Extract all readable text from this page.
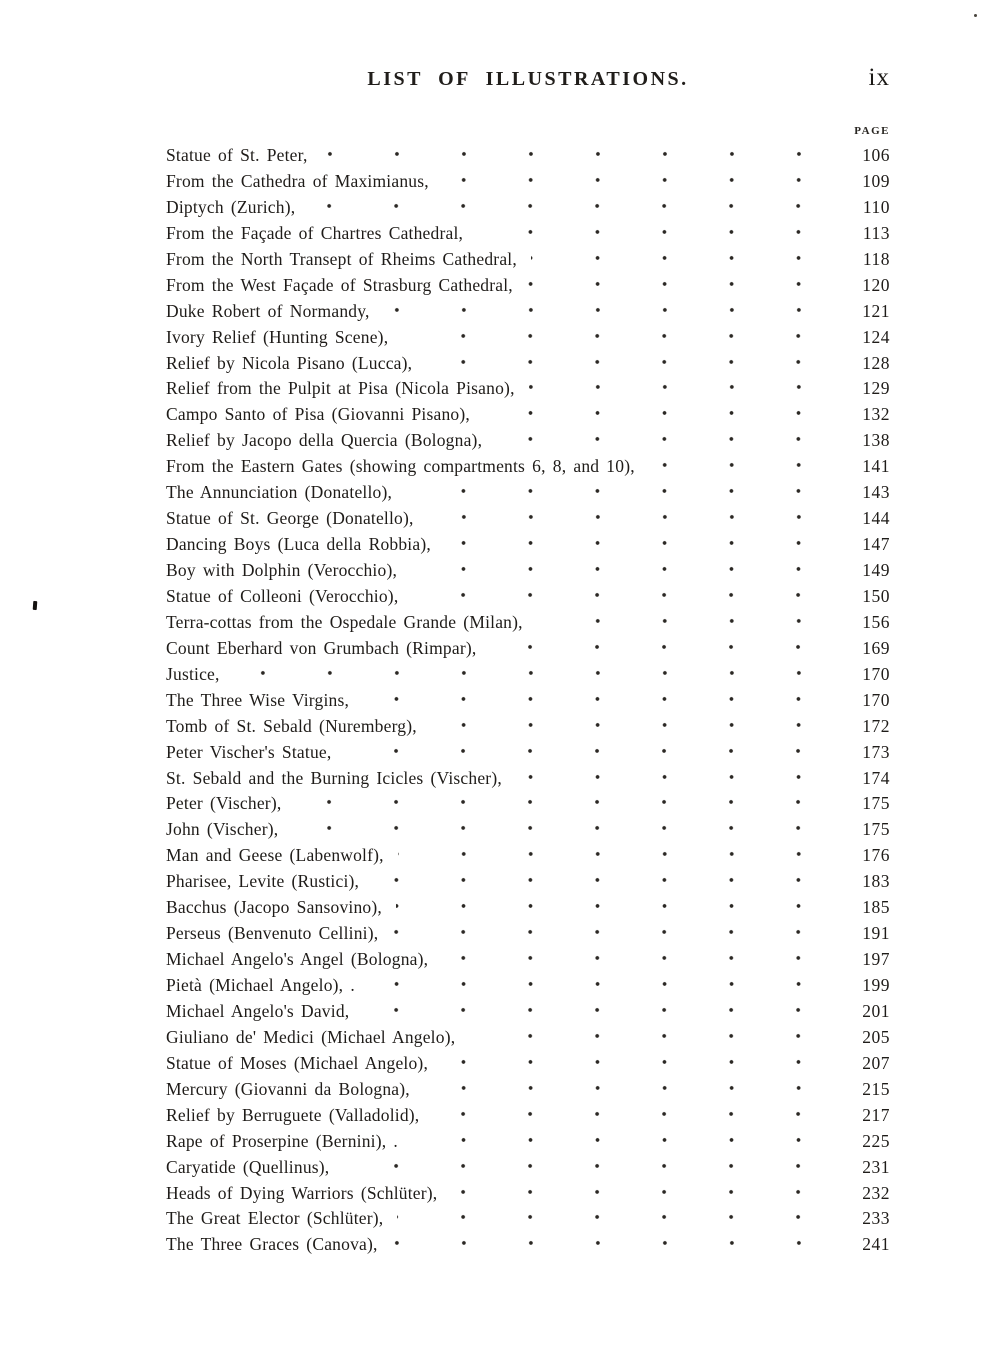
LIST OF ILLUSTRATIONS.	ix
PAGE
Statue of St. Peter,	106
From the Cathedra of Maximianus,	109
Diptych (Zurich),	110
From the Façade of Chartres Cathedral,	113
From the North Transept of Rheims Cathedral,	118
From the West Façade of Strasburg Cathedral,	120
Duke Robert of Normandy,	121
Ivory Relief (Hunting Scene),	124
Relief by Nicola Pisano (Lucca),	128
Relief from the Pulpit at Pisa (Nicola Pisano),	129
Campo Santo of Pisa (Giovanni Pisano),	132
Relief by Jacopo della Quercia (Bologna),	138
From the Eastern Gates (showing compartments 6, 8, and 10),	141
The Annunciation (Donatello),	143
Statue of St. George (Donatello),	144
Dancing Boys (Luca della Robbia),	147
Boy with Dolphin (Verocchio),	149
Statue of Colleoni (Verocchio),	150
Terra-cottas from the Ospedale Grande (Milan),	156
Count Eberhard von Grumbach (Rimpar),	169
Justice,	170
The Three Wise Virgins,	170
Tomb of St. Sebald (Nuremberg),	172
Peter Vischer's Statue,	173
St. Sebald and the Burning Icicles (Vischer),	174
Peter (Vischer),	175
John (Vischer),	175
Man and Geese (Labenwolf),	176
Pharisee, Levite (Rustici),	183
Bacchus (Jacopo Sansovino),	185
Perseus (Benvenuto Cellini),	191
Michael Angelo's Angel (Bologna),	197
Pietà (Michael Angelo), .	199
Michael Angelo's David,	201
Giuliano de' Medici (Michael Angelo),	205
Statue of Moses (Michael Angelo),	207
Mercury (Giovanni da Bologna),	215
Relief by Berruguete (Valladolid),	217
Rape of Proserpine (Bernini), .	225
Caryatide (Quellinus),	231
Heads of Dying Warriors (Schlüter),	232
The Great Elector (Schlüter),	233
The Three Graces (Canova),	241
